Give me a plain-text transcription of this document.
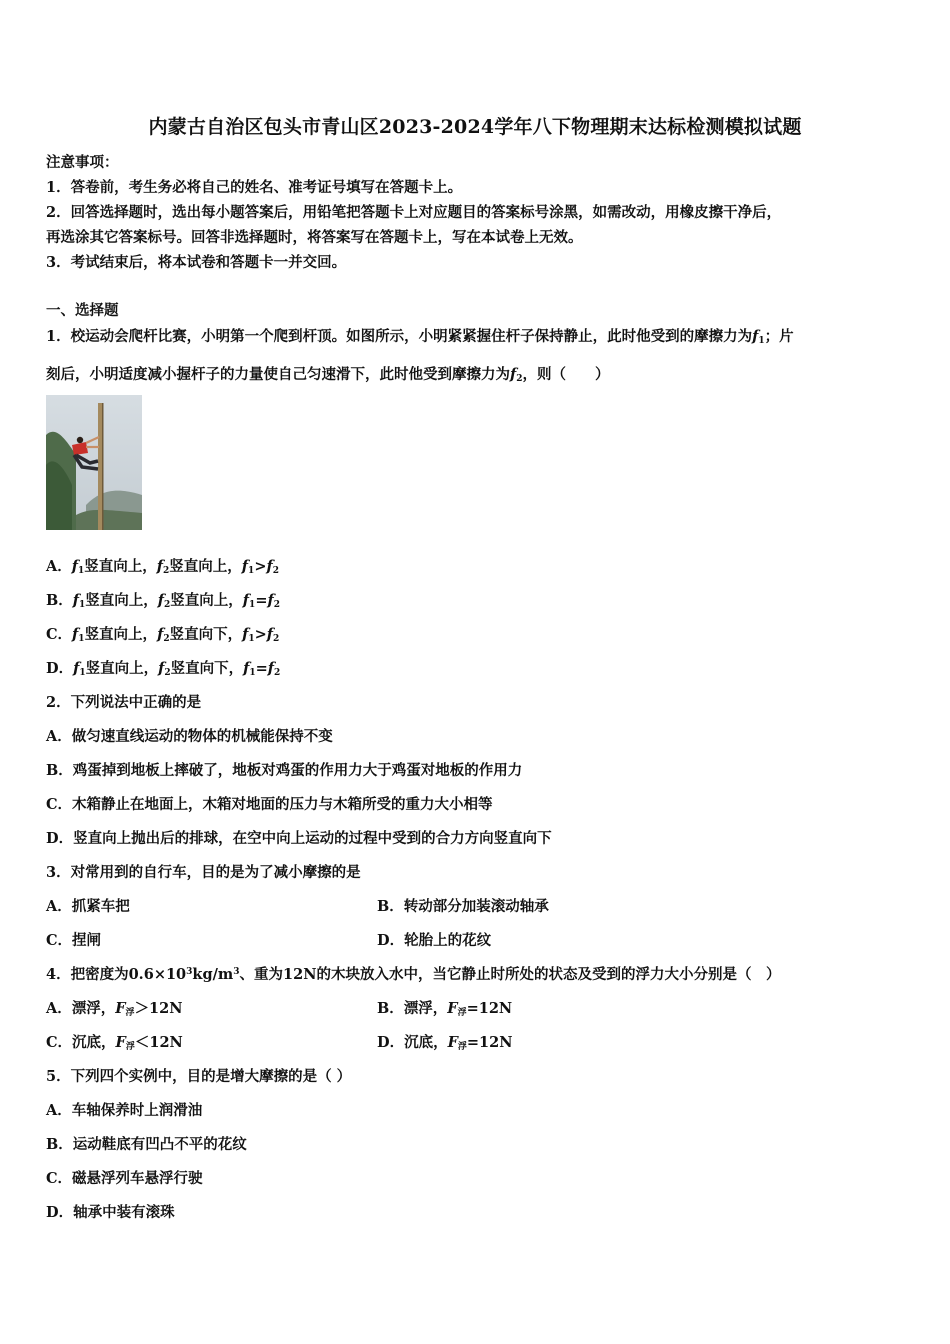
内蒙古自治区包头市青山区2023-2024学年八下物理期末达标检测模拟试题
注意事项：
1．答卷前，考生务必将自己的姓名、准考证号填写在答题卡上。
2．回答选择题时，选出每小题答案后，用铅笔把答题卡上对应题目的答案标号涂黑，如需改动，用橡皮擦干净后，
再选涂其它答案标号。回答非选择题时，将答案写在答题卡上，写在本试卷上无效。
3．考试结束后，将本试卷和答题卡一并交回。
一、选择题
1．校运动会爬杆比赛，小明第一个爬到杆顶。如图所示，小明紧紧握住杆子保持静止，此时他受到的摩擦力为$f_1$；片
刻后，小明适度减小握杆子的力量使自己匀速滑下，此时他受到摩擦力为$f_2$，则（　　）
A．$f_1$竖直向上，$f_2$竖直向上，$f_1>f_2$
B．$f_1$竖直向上，$f_2$竖直向上，$f_1=f_2$
C．$f_1$竖直向上，$f_2$竖直向下，$f_1>f_2$
D．$f_1$竖直向上，$f_2$竖直向下，$f_1=f_2$
2．下列说法中正确的是
A．做匀速直线运动的物体的机械能保持不变
B．鸡蛋掉到地板上摔破了，地板对鸡蛋的作用力大于鸡蛋对地板的作用力
C．木箱静止在地面上，木箱对地面的压力与木箱所受的重力大小相等
D．竖直向上抛出后的排球，在空中向上运动的过程中受到的合力方向竖直向下
3．对常用到的自行车，目的是为了减小摩擦的是
A．抓紧车把	B．转动部分加装滚动轴承
C．捏闸	D．轮胎上的花纹
4．把密度为$0.6\times 10^3kg/m^3$、重为12N的木块放入水中，当它静止时所处的状态及受到的浮力大小分别是（　）
A．漂浮，$F_浮>12N$	B．漂浮，$F_浮=12N$
C．沉底，$F_浮<12N$	D．沉底，$F_浮=12N$
5．下列四个实例中，目的是增大摩擦的是（ ）
A．车轴保养时上润滑油
B．运动鞋底有凹凸不平的花纹
C．磁悬浮列车悬浮行驶
D．轴承中装有滚珠
